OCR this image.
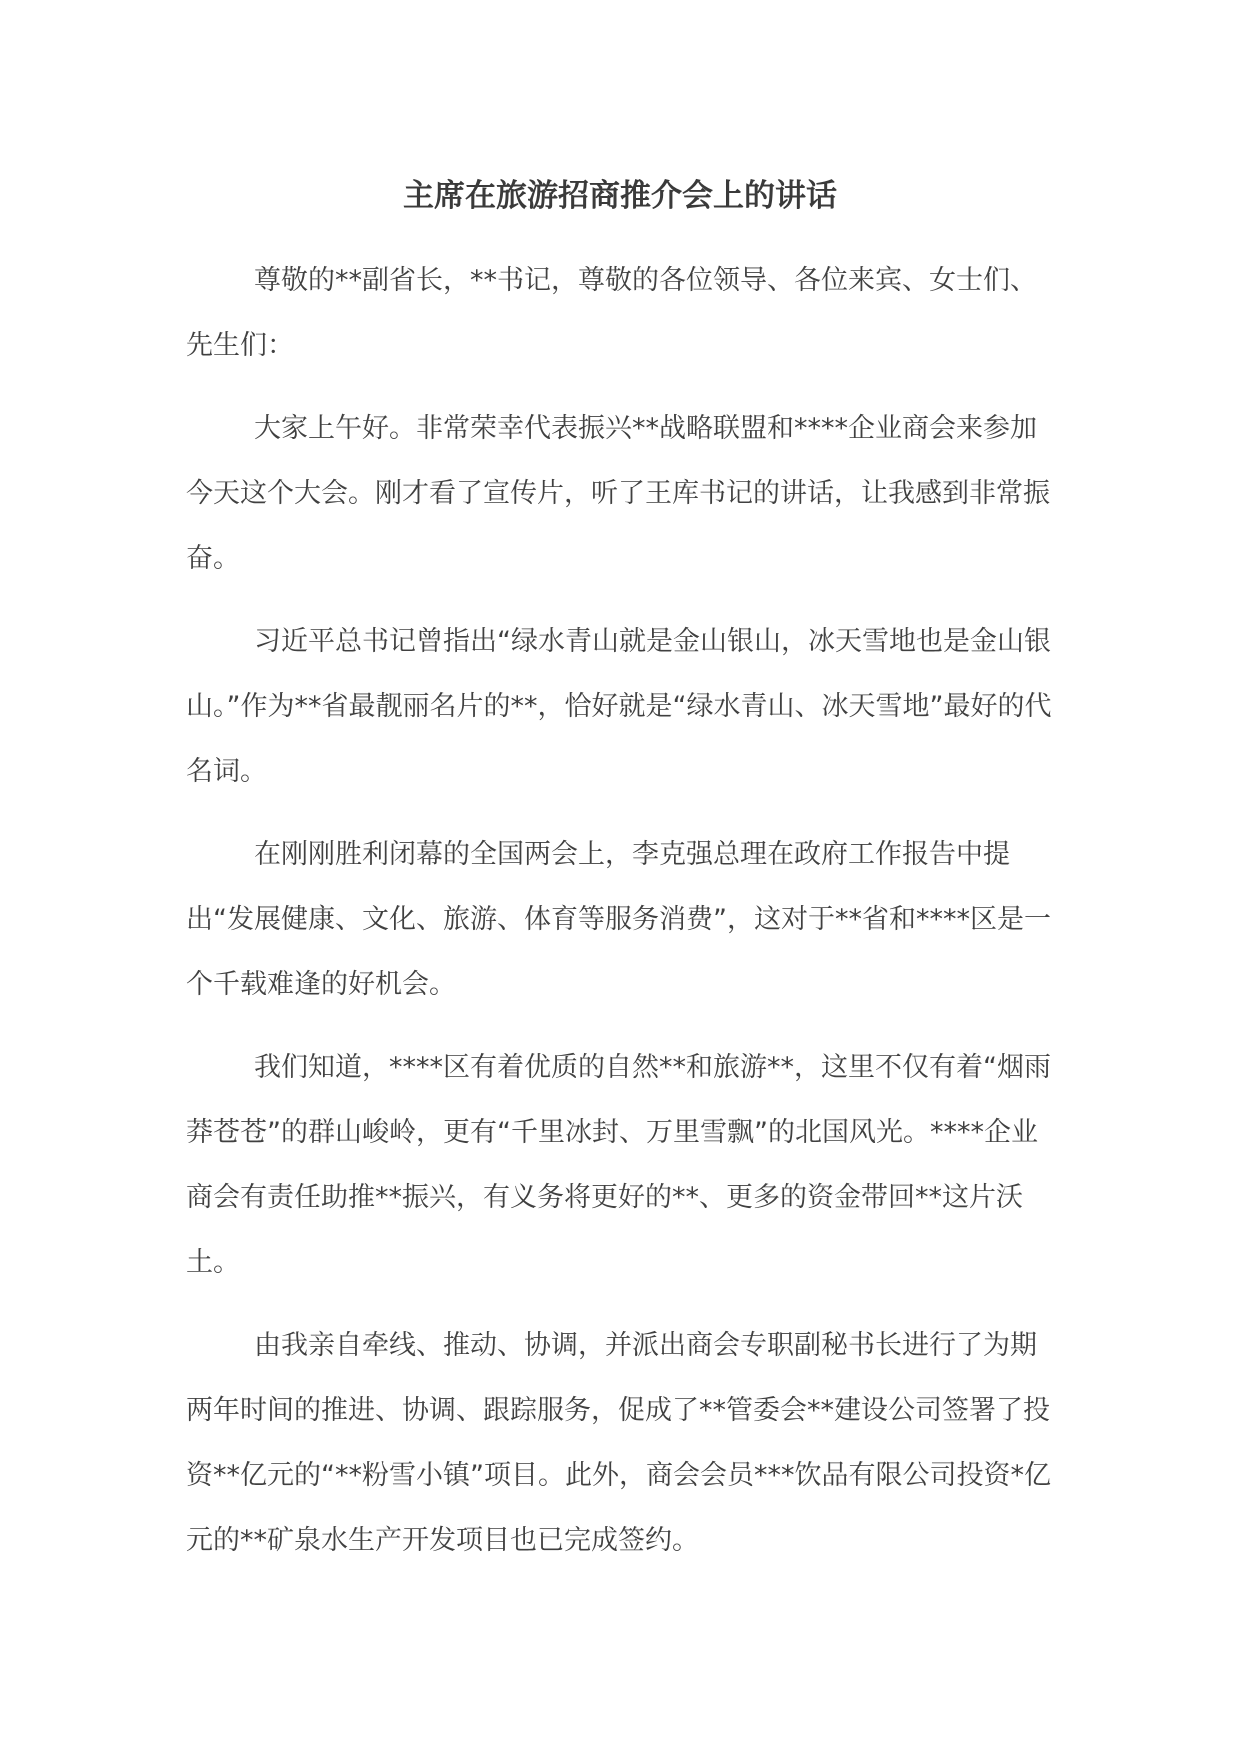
主席在旅游招商推介会上的讲话

尊敬的**副省长，**书记，尊敬的各位领导、各位来宾、女士们、先生们：

大家上午好。非常荣幸代表振兴**战略联盟和****企业商会来参加今天这个大会。刚才看了宣传片，听了王库书记的讲话，让我感到非常振奋。

习近平总书记曾指出“绿水青山就是金山银山，冰天雪地也是金山银山。”作为**省最靓丽名片的**，恰好就是“绿水青山、冰天雪地”最好的代名词。

在刚刚胜利闭幕的全国两会上，李克强总理在政府工作报告中提出“发展健康、文化、旅游、体育等服务消费”，这对于**省和****区是一个千载难逢的好机会。

我们知道，****区有着优质的自然**和旅游**，这里不仅有着“烟雨莽苍苍”的群山峻岭，更有“千里冰封、万里雪飘”的北国风光。****企业商会有责任助推**振兴，有义务将更好的**、更多的资金带回**这片沃土。

由我亲自牵线、推动、协调，并派出商会专职副秘书长进行了为期两年时间的推进、协调、跟踪服务，促成了**管委会**建设公司签署了投资**亿元的“**粉雪小镇”项目。此外，商会会员***饮品有限公司投资*亿元的**矿泉水生产开发项目也已完成签约。
